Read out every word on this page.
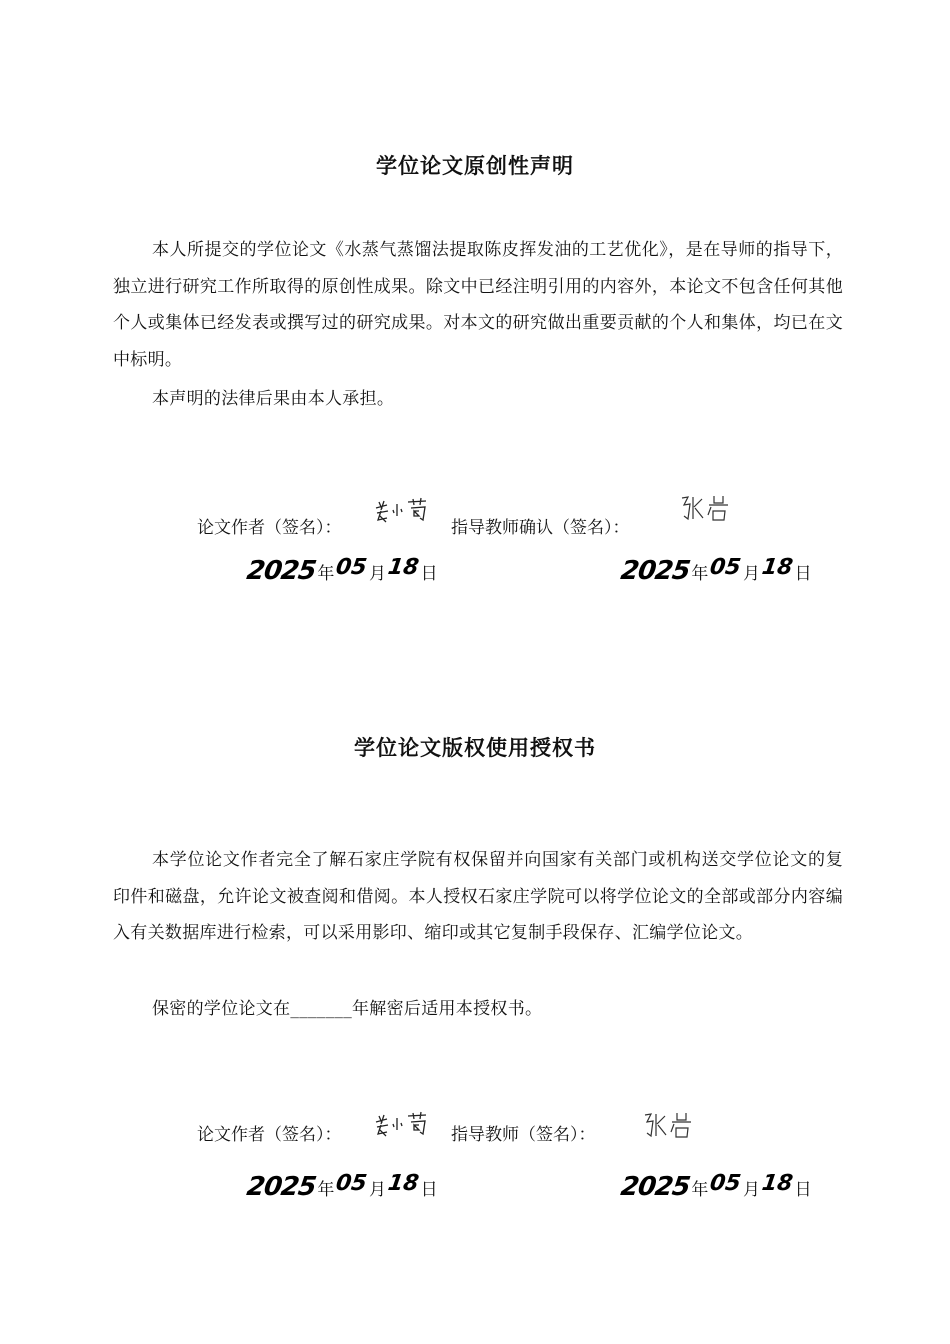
学位论文原创性声明

本人所提交的学位论文《水蒸气蒸馏法提取陈皮挥发油的工艺优化》，是在导师的指导下，独立进行研究工作所取得的原创性成果。除文中已经注明引用的内容外，本论文不包含任何其他个人或集体已经发表或撰写过的研究成果。对本文的研究做出重要贡献的个人和集体，均已在文中标明。

本声明的法律后果由本人承担。

论文作者（签名）：	指导教师确认（签名）：
2025年05月18日	2025年05月18日
学位论文版权使用授权书

本学位论文作者完全了解石家庄学院有权保留并向国家有关部门或机构送交学位论文的复印件和磁盘，允许论文被查阅和借阅。本人授权石家庄学院可以将学位论文的全部或部分内容编入有关数据库进行检索，可以采用影印、缩印或其它复制手段保存、汇编学位论文。

保密的学位论文在_______年解密后适用本授权书。

论文作者（签名）：	指导教师（签名）：
2025年05月18日	2025年05月18日
